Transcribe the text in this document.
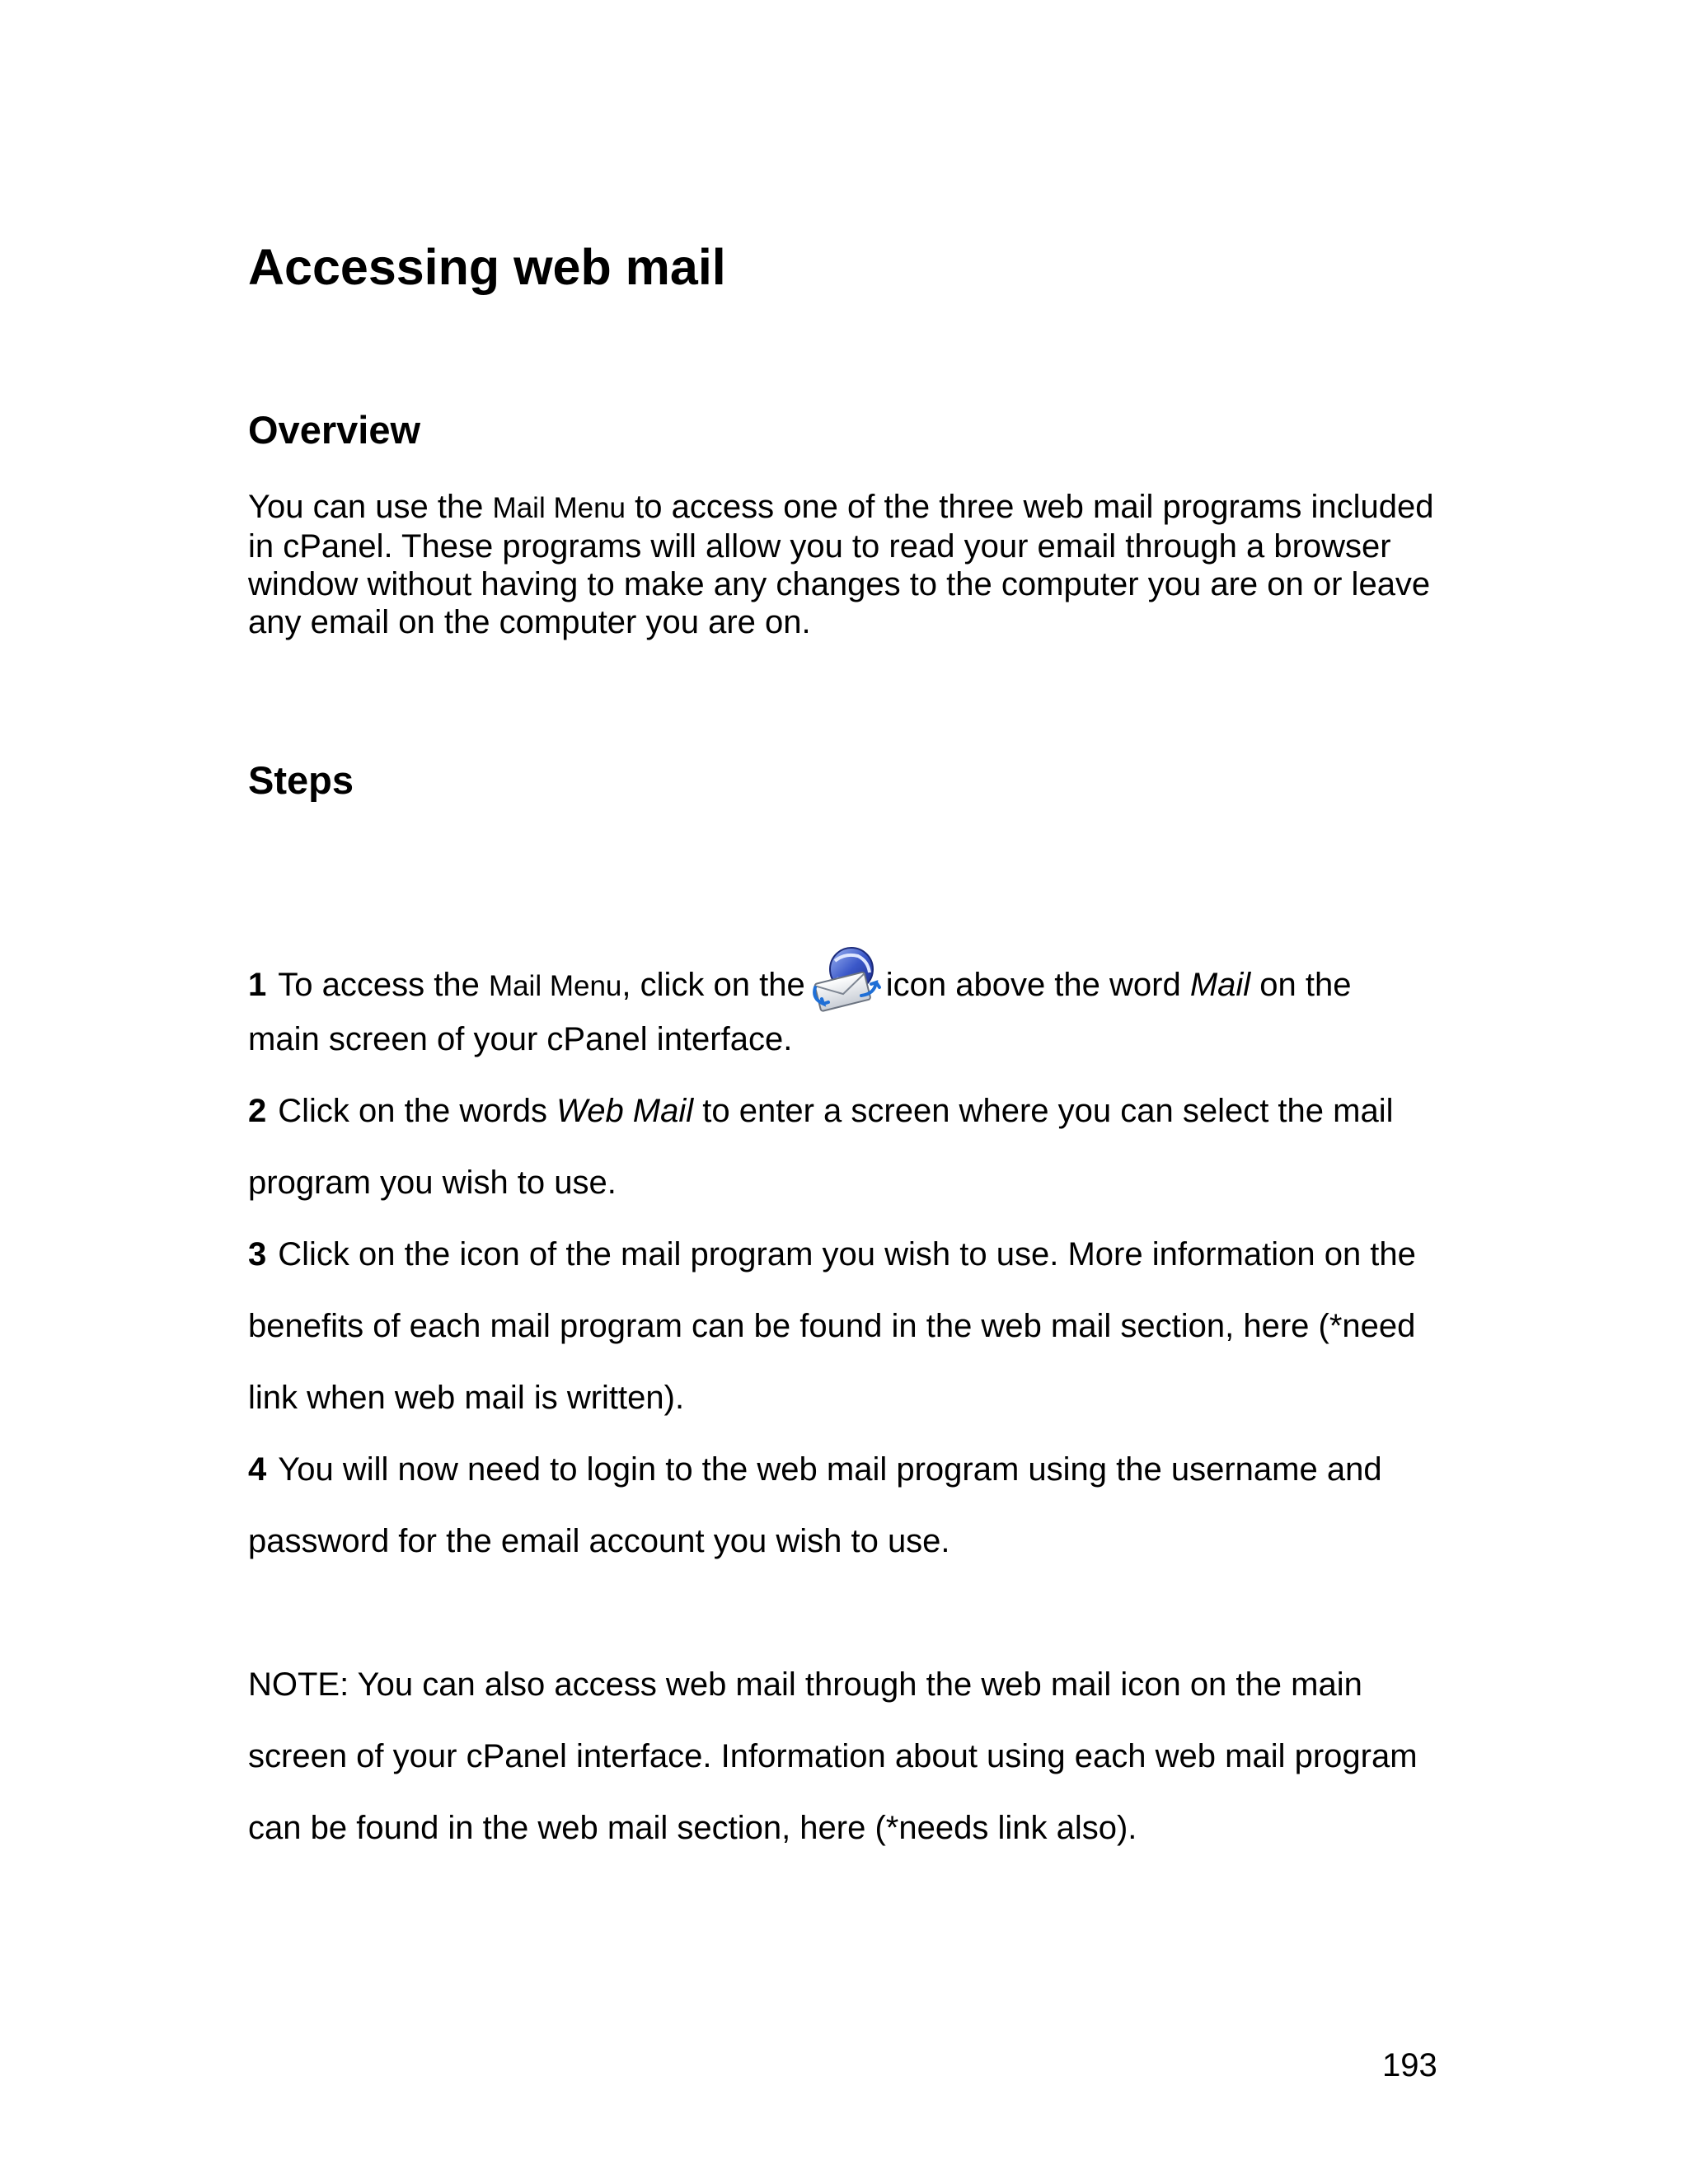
Accessing web mail
Overview

You can use the Mail Menu to access one of the three web mail programs included in cPanel. These programs will allow you to read your email through a browser window without having to make any changes to the computer you are on or leave any email on the computer you are on.

Steps

1 To access the Mail Menu, click on the icon above the word Mail on the

main screen of your cPanel interface.

2 Click on the words Web Mail to enter a screen where you can select the mail

program you wish to use.

3 Click on the icon of the mail program you wish to use. More information on the

benefits of each mail program can be found in the web mail section, here (*need

link when web mail is written).

4 You will now need to login to the web mail program using the username and

password for the email account you wish to use.

NOTE: You can also access web mail through the web mail icon on the main

screen of your cPanel interface. Information about using each web mail program

can be found in the web mail section, here (*needs link also).

193
